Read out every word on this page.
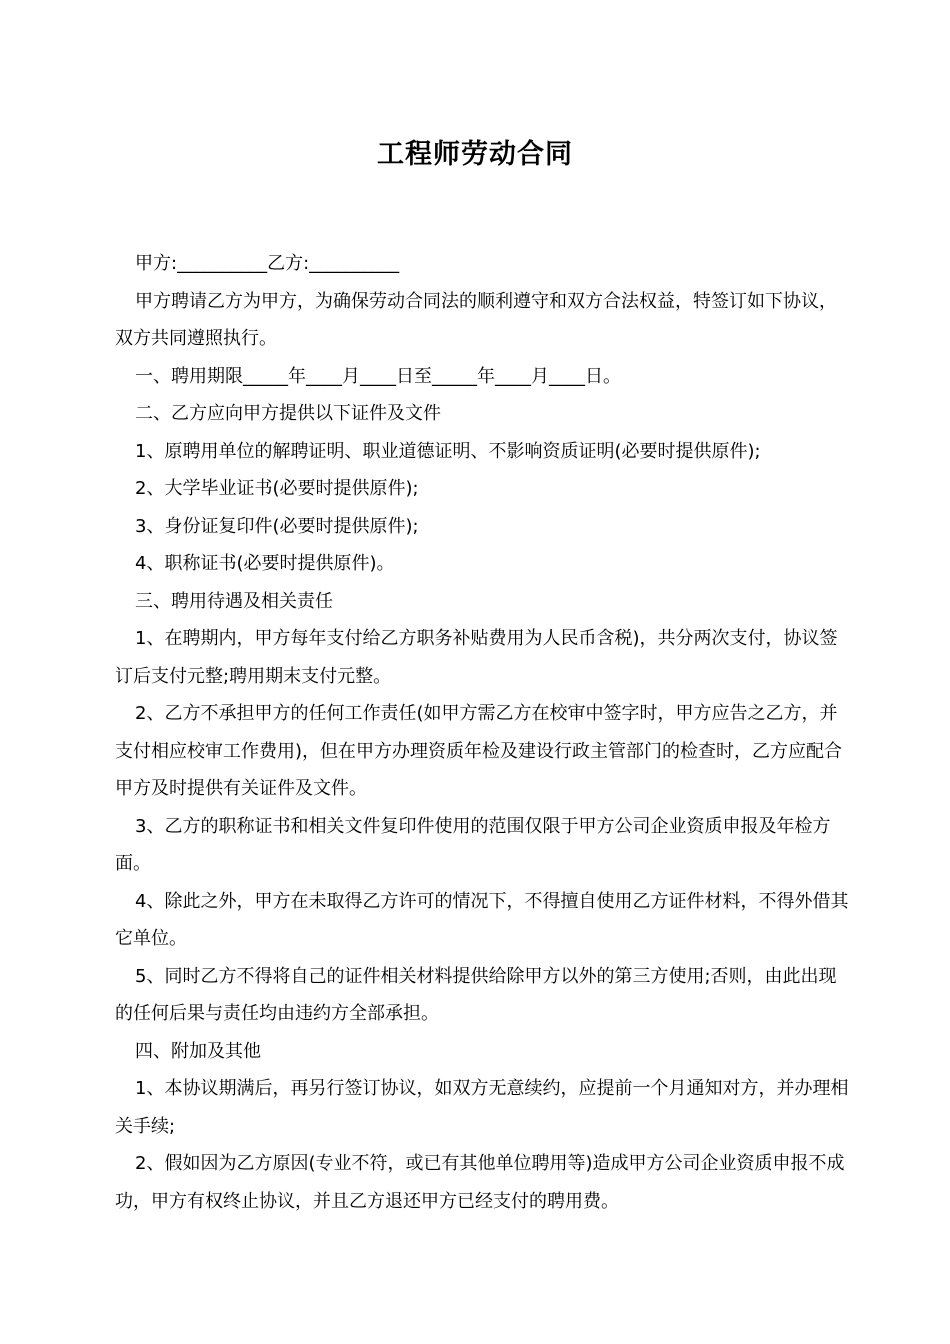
工程师劳动合同

甲方:__________乙方:__________

甲方聘请乙方为甲方，为确保劳动合同法的顺利遵守和双方合法权益，特签订如下协议，双方共同遵照执行。

一、聘用期限_____年____月____日至_____年____月____日。

二、乙方应向甲方提供以下证件及文件

1、原聘用单位的解聘证明、职业道德证明、不影响资质证明(必要时提供原件);

2、大学毕业证书(必要时提供原件);

3、身份证复印件(必要时提供原件);

4、职称证书(必要时提供原件)。

三、聘用待遇及相关责任

1、在聘期内，甲方每年支付给乙方职务补贴费用为人民币含税)，共分两次支付，协议签订后支付元整;聘用期末支付元整。

2、乙方不承担甲方的任何工作责任(如甲方需乙方在校审中签字时，甲方应告之乙方，并支付相应校审工作费用)，但在甲方办理资质年检及建设行政主管部门的检查时，乙方应配合甲方及时提供有关证件及文件。

3、乙方的职称证书和相关文件复印件使用的范围仅限于甲方公司企业资质申报及年检方面。

4、除此之外，甲方在未取得乙方许可的情况下，不得擅自使用乙方证件材料，不得外借其它单位。

5、同时乙方不得将自己的证件相关材料提供给除甲方以外的第三方使用;否则，由此出现的任何后果与责任均由违约方全部承担。

四、附加及其他

1、本协议期满后，再另行签订协议，如双方无意续约，应提前一个月通知对方，并办理相关手续;

2、假如因为乙方原因(专业不符，或已有其他单位聘用等)造成甲方公司企业资质申报不成功，甲方有权终止协议，并且乙方退还甲方已经支付的聘用费。
